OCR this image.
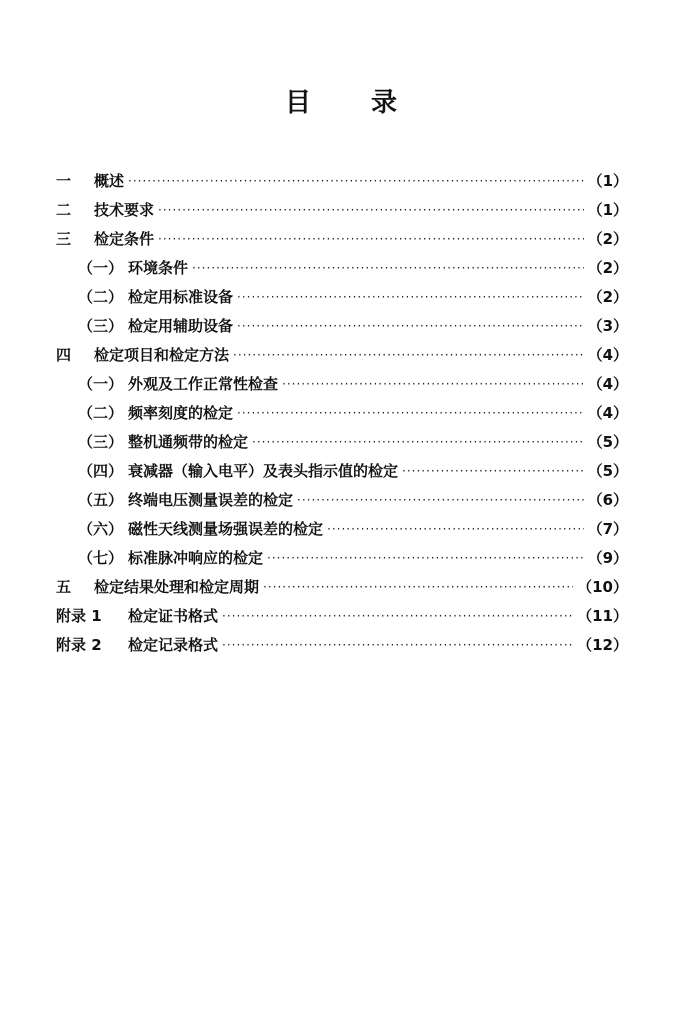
目 录
一	概述 ·····	（1）
二	技术要求 ·····	（1）
三	检定条件 ·····	（2）
（一） 环境条件 ·····	（2）
（二） 检定用标准设备 ·····	（2）
（三） 检定用辅助设备 ·····	（3）
四	检定项目和检定方法 ·····	（4）
（一） 外观及工作正常性检查 ·····	（4）
（二） 频率刻度的检定 ·····	（4）
（三） 整机通频带的检定 ·····	（5）
（四） 衰减器（输入电平）及表头指示值的检定 ·····	（5）
（五） 终端电压测量误差的检定 ·····	（6）
（六） 磁性天线测量场强误差的检定 ·····	（7）
（七） 标准脉冲响应的检定 ·····	（9）
五	检定结果处理和检定周期 ·····	（10）
附录 1	检定证书格式 ·····	（11）
附录 2	检定记录格式 ·····	（12）
